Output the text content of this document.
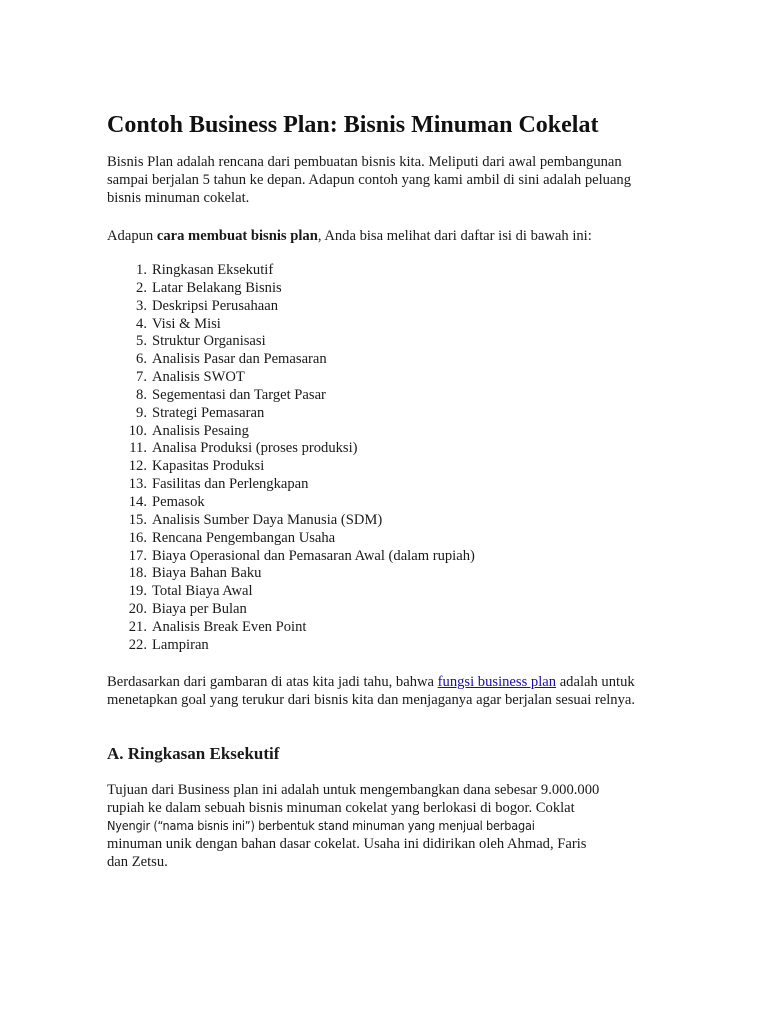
Contoh Business Plan: Bisnis Minuman Cokelat

Bisnis Plan adalah rencana dari pembuatan bisnis kita. Meliputi dari awal pembangunan sampai berjalan 5 tahun ke depan. Adapun contoh yang kami ambil di sini adalah peluang bisnis minuman cokelat.

Adapun cara membuat bisnis plan, Anda bisa melihat dari daftar isi di bawah ini:

1. Ringkasan Eksekutif
2. Latar Belakang Bisnis
3. Deskripsi Perusahaan
4. Visi & Misi
5. Struktur Organisasi
6. Analisis Pasar dan Pemasaran
7. Analisis SWOT
8. Segementasi dan Target Pasar
9. Strategi Pemasaran
10. Analisis Pesaing
11. Analisa Produksi (proses produksi)
12. Kapasitas Produksi
13. Fasilitas dan Perlengkapan
14. Pemasok
15. Analisis Sumber Daya Manusia (SDM)
16. Rencana Pengembangan Usaha
17. Biaya Operasional dan Pemasaran Awal (dalam rupiah)
18. Biaya Bahan Baku
19. Total Biaya Awal
20. Biaya per Bulan
21. Analisis Break Even Point
22. Lampiran

Berdasarkan dari gambaran di atas kita jadi tahu, bahwa fungsi business plan adalah untuk menetapkan goal yang terukur dari bisnis kita dan menjaganya agar berjalan sesuai relnya.

A. Ringkasan Eksekutif

Tujuan dari Business plan ini adalah untuk mengembangkan dana sebesar 9.000.000
rupiah ke dalam sebuah bisnis minuman cokelat yang berlokasi di bogor. Coklat
Nyengir (“nama bisnis ini”) berbentuk stand minuman yang menjual berbagai
minuman unik dengan bahan dasar cokelat. Usaha ini didirikan oleh Ahmad, Faris
dan Zetsu.
